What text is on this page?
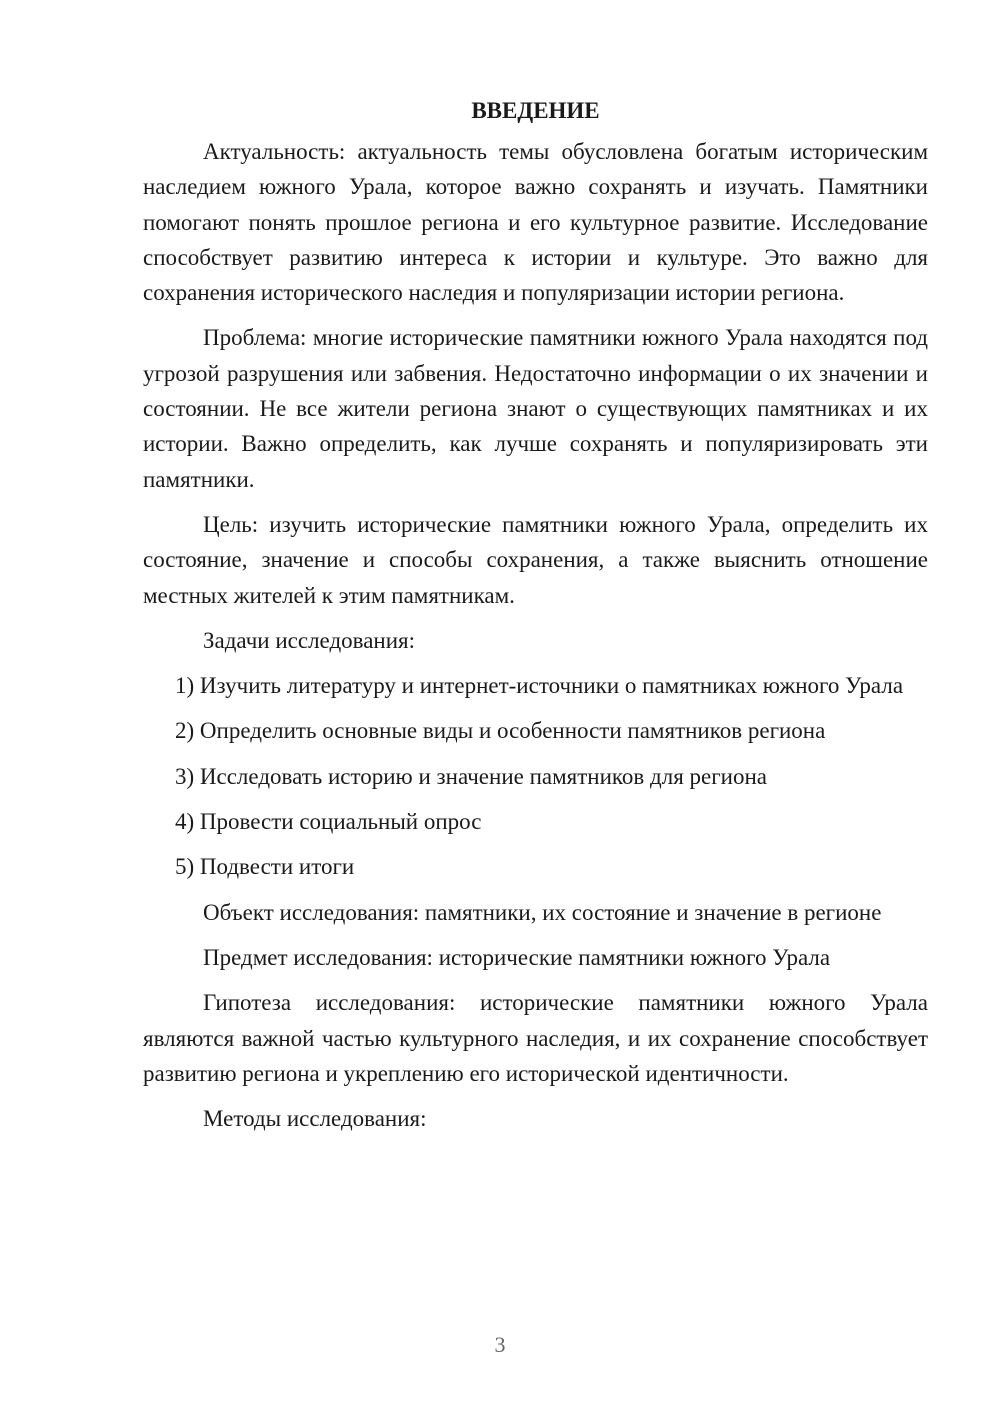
ВВЕДЕНИЕ

Актуальность: актуальность темы обусловлена богатым историческим наследием южного Урала, которое важно сохранять и изучать. Памятники помогают понять прошлое региона и его культурное развитие. Исследование способствует развитию интереса к истории и культуре. Это важно для сохранения исторического наследия и популяризации истории региона.

Проблема: многие исторические памятники южного Урала находятся под угрозой разрушения или забвения. Недостаточно информации о их значении и состоянии. Не все жители региона знают о существующих памятниках и их истории. Важно определить, как лучше сохранять и популяризировать эти памятники.

Цель: изучить исторические памятники южного Урала, определить их состояние, значение и способы сохранения, а также выяснить отношение местных жителей к этим памятникам.

Задачи исследования:

1) Изучить литературу и интернет-источники о памятниках южного Урала

2) Определить основные виды и особенности памятников региона

3) Исследовать историю и значение памятников для региона

4) Провести социальный опрос

5) Подвести итоги

Объект исследования: памятники, их состояние и значение в регионе

Предмет исследования: исторические памятники южного Урала

Гипотеза исследования: исторические памятники южного Урала являются важной частью культурного наследия, и их сохранение способствует развитию региона и укреплению его исторической идентичности.

Методы исследования:

3
